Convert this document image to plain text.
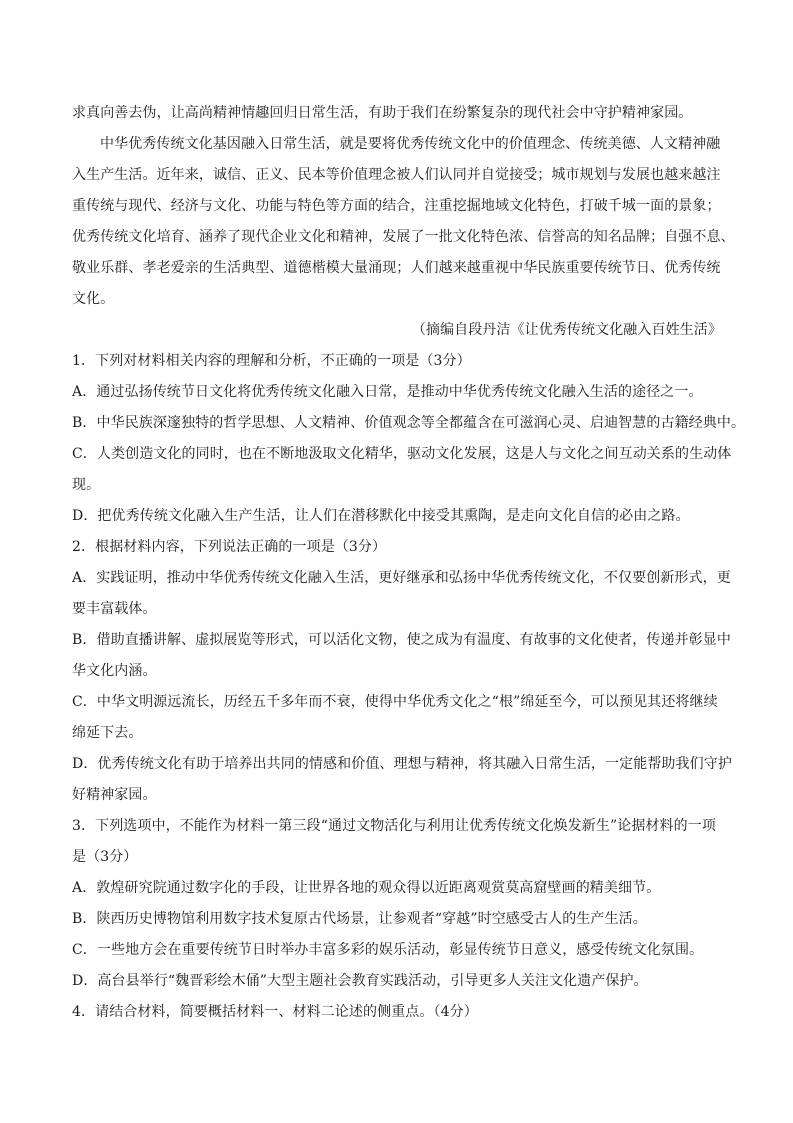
求真向善去伪，让高尚精神情趣回归日常生活，有助于我们在纷繁复杂的现代社会中守护精神家园。
中华优秀传统文化基因融入日常生活，就是要将优秀传统文化中的价值理念、传统美德、人文精神融
入生产生活。近年来，诚信、正义、民本等价值理念被人们认同并自觉接受；城市规划与发展也越来越注
重传统与现代、经济与文化、功能与特色等方面的结合，注重挖掘地域文化特色，打破千城一面的景象；
优秀传统文化培育、涵养了现代企业文化和精神，发展了一批文化特色浓、信誉高的知名品牌；自强不息、
敬业乐群、孝老爱亲的生活典型、道德楷模大量涌现；人们越来越重视中华民族重要传统节日、优秀传统
文化。
（摘编自段丹洁《让优秀传统文化融入百姓生活》
1．下列对材料相关内容的理解和分析，不正确的一项是（3分）
A．通过弘扬传统节日文化将优秀传统文化融入日常，是推动中华优秀传统文化融入生活的途径之一。
B．中华民族深邃独特的哲学思想、人文精神、价值观念等全都蕴含在可滋润心灵、启迪智慧的古籍经典中。
C．人类创造文化的同时，也在不断地汲取文化精华，驱动文化发展，这是人与文化之间互动关系的生动体
现。
D．把优秀传统文化融入生产生活，让人们在潜移默化中接受其熏陶，是走向文化自信的必由之路。
2．根据材料内容，下列说法正确的一项是（3分）
A．实践证明，推动中华优秀传统文化融入生活，更好继承和弘扬中华优秀传统文化，不仅要创新形式，更
要丰富载体。
B．借助直播讲解、虚拟展览等形式，可以活化文物，使之成为有温度、有故事的文化使者，传递并彰显中
华文化内涵。
C．中华文明源远流长，历经五千多年而不衰，使得中华优秀文化之“根”绵延至今，可以预见其还将继续
绵延下去。
D．优秀传统文化有助于培养出共同的情感和价值、理想与精神，将其融入日常生活，一定能帮助我们守护
好精神家园。
3．下列选项中，不能作为材料一第三段“通过文物活化与利用让优秀传统文化焕发新生”论据材料的一项
是（3分）
A．敦煌研究院通过数字化的手段，让世界各地的观众得以近距离观赏莫高窟壁画的精美细节。
B．陕西历史博物馆利用数字技术复原古代场景，让参观者“穿越”时空感受古人的生产生活。
C．一些地方会在重要传统节日时举办丰富多彩的娱乐活动，彰显传统节日意义，感受传统文化氛围。
D．高台县举行“魏晋彩绘木俑”大型主题社会教育实践活动，引导更多人关注文化遗产保护。
4．请结合材料，简要概括材料一、材料二论述的侧重点。（4分）
